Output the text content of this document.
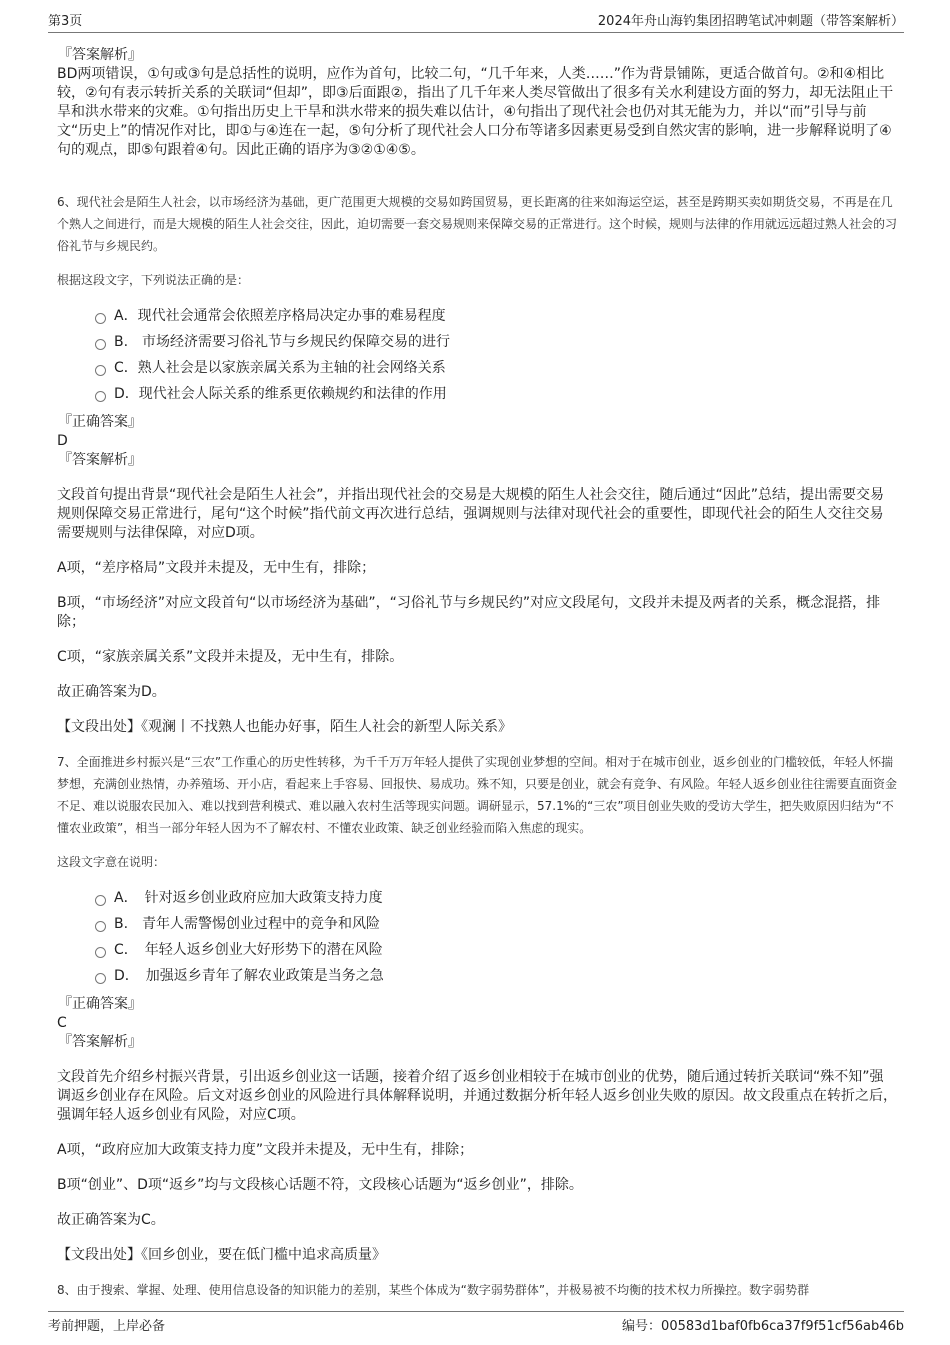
第3页	2024年舟山海钓集团招聘笔试冲刺题（带答案解析）
『答案解析』
BD两项错误，①句或③句是总括性的说明，应作为首句，比较二句，“几千年来，人类……”作为背景铺陈，更适合做首句。②和④相比较，②句有表示转折关系的关联词“但却”，即③后面跟②，指出了几千年来人类尽管做出了很多有关水利建设方面的努力，却无法阻止干旱和洪水带来的灾难。①句指出历史上干旱和洪水带来的损失难以估计，④句指出了现代社会也仍对其无能为力，并以“而”引导与前文“历史上”的情况作对比，即①与④连在一起，⑤句分析了现代社会人口分布等诸多因素更易受到自然灾害的影响，进一步解释说明了④句的观点，即⑤句跟着④句。因此正确的语序为③②①④⑤。
6、现代社会是陌生人社会，以市场经济为基础，更广范围更大规模的交易如跨国贸易，更长距离的往来如海运空运，甚至是跨期买卖如期货交易，不再是在几个熟人之间进行，而是大规模的陌生人社会交往，因此，迫切需要一套交易规则来保障交易的正常进行。这个时候，规则与法律的作用就远远超过熟人社会的习俗礼节与乡规民约。
根据这段文字，下列说法正确的是：
A．现代社会通常会依照差序格局决定办事的难易程度
B.　市场经济需要习俗礼节与乡规民约保障交易的进行
C．熟人社会是以家族亲属关系为主轴的社会网络关系
D．现代社会人际关系的维系更依赖规约和法律的作用
『正确答案』
D
『答案解析』
文段首句提出背景“现代社会是陌生人社会”，并指出现代社会的交易是大规模的陌生人社会交往，随后通过“因此”总结，提出需要交易规则保障交易正常进行，尾句“这个时候”指代前文再次进行总结，强调规则与法律对现代社会的重要性，即现代社会的陌生人交往交易需要规则与法律保障，对应D项。
A项，“差序格局”文段并未提及，无中生有，排除；
B项，“市场经济”对应文段首句“以市场经济为基础”，“习俗礼节与乡规民约”对应文段尾句，文段并未提及两者的关系，概念混搭，排除；
C项，“家族亲属关系”文段并未提及，无中生有，排除。
故正确答案为D。
【文段出处】《观澜丨不找熟人也能办好事，陌生人社会的新型人际关系》
7、全面推进乡村振兴是“三农”工作重心的历史性转移，为千千万万年轻人提供了实现创业梦想的空间。相对于在城市创业，返乡创业的门槛较低，年轻人怀揣梦想，充满创业热情，办养殖场、开小店，看起来上手容易、回报快、易成功。殊不知，只要是创业，就会有竞争、有风险。年轻人返乡创业往往需要直面资金不足、难以说服农民加入、难以找到营利模式、难以融入农村生活等现实问题。调研显示，57.1%的“三农”项目创业失败的受访大学生，把失败原因归结为“不懂农业政策”，相当一部分年轻人因为不了解农村、不懂农业政策、缺乏创业经验而陷入焦虑的现实。
这段文字意在说明：
A．　针对返乡创业政府应加大政策支持力度
B.　青年人需警惕创业过程中的竞争和风险
C．　年轻人返乡创业大好形势下的潜在风险
D．　加强返乡青年了解农业政策是当务之急
『正确答案』
C
『答案解析』
文段首先介绍乡村振兴背景，引出返乡创业这一话题，接着介绍了返乡创业相较于在城市创业的优势，随后通过转折关联词“殊不知”强调返乡创业存在风险。后文对返乡创业的风险进行具体解释说明，并通过数据分析年轻人返乡创业失败的原因。故文段重点在转折之后，强调年轻人返乡创业有风险，对应C项。
A项，“政府应加大政策支持力度”文段并未提及，无中生有，排除；
B项“创业”、D项“返乡”均与文段核心话题不符，文段核心话题为“返乡创业”，排除。
故正确答案为C。
【文段出处】《回乡创业，要在低门槛中追求高质量》
8、由于搜索、掌握、处理、使用信息设备的知识能力的差别，某些个体成为“数字弱势群体”，并极易被不均衡的技术权力所操控。数字弱势群
考前押题，上岸必备	编号：00583d1baf0fb6ca37f9f51cf56ab46b
